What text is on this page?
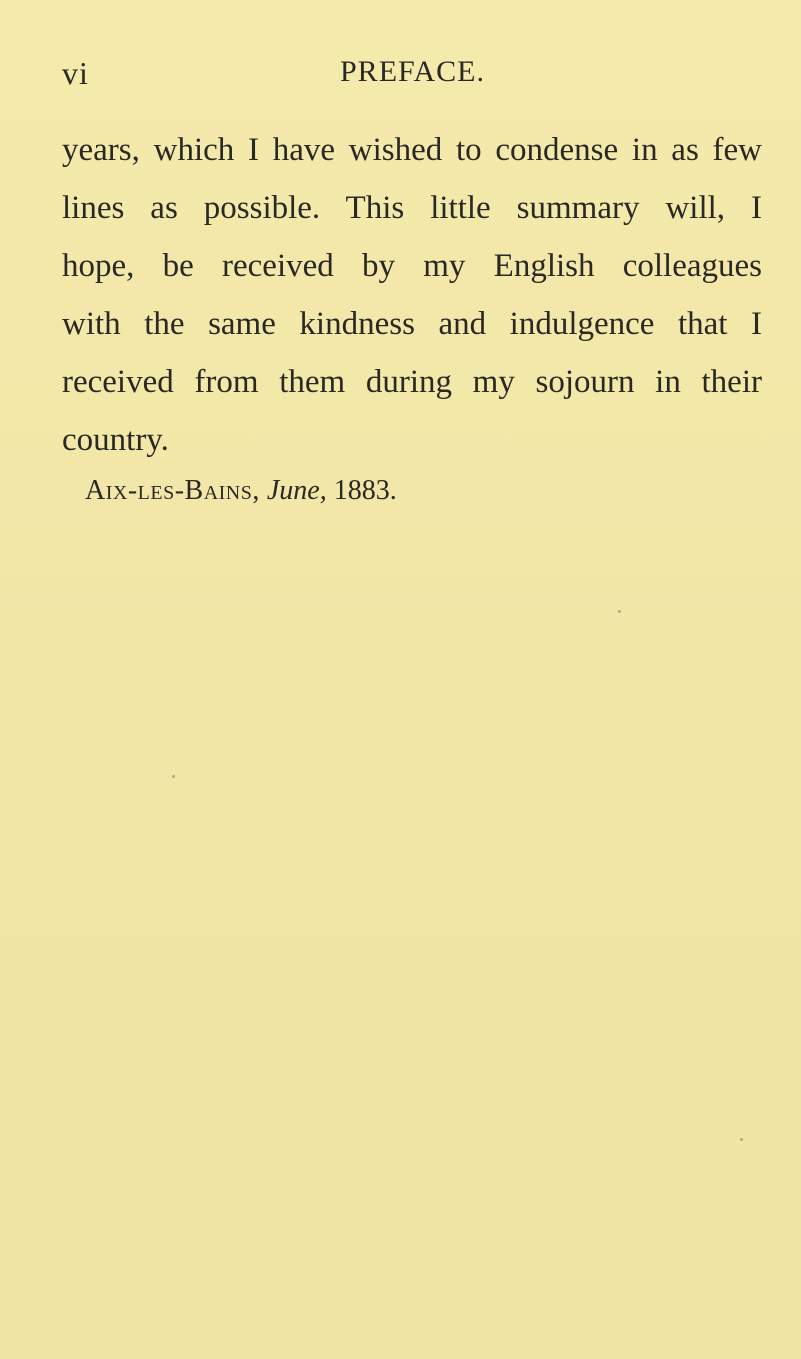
vi	PREFACE.
years, which I have wished to condense in as few
lines as possible. This little summary will, I
hope, be received by my English colleagues
with the same kindness and indulgence that I
received from them during my sojourn in their
country.
Aix-les-Bains, June, 1883.
